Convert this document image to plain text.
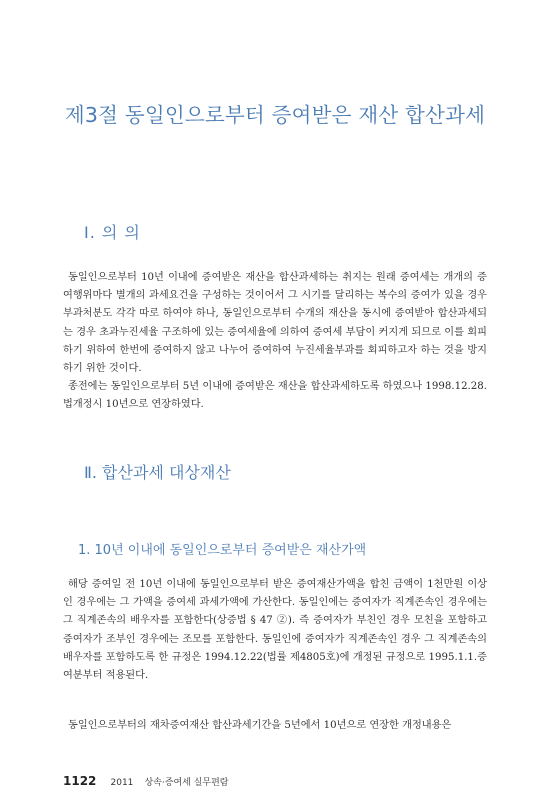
제3절 동일인으로부터 증여받은 재산 합산과세
Ⅰ. 의 의

동일인으로부터 10년 이내에 증여받은 재산을 합산과세하는 취지는 원래 증여세는 개개의 증여행위마다 별개의 과세요건을 구성하는 것이어서 그 시기를 달리하는 복수의 증여가 있을 경우 부과처분도 각각 따로 하여야 하나, 동일인으로부터 수개의 재산을 동시에 증여받아 합산과세되는 경우 초과누진세율 구조하에 있는 증여세율에 의하여 증여세 부담이 커지게 되므로 이를 회피하기 위하여 한번에 증여하지 않고 나누어 증여하여 누진세율부과를 회피하고자 하는 것을 방지하기 위한 것이다.

종전에는 동일인으로부터 5년 이내에 증여받은 재산을 합산과세하도록 하였으나 1998.12.28. 법개정시 10년으로 연장하였다.

Ⅱ. 합산과세 대상재산
1. 10년 이내에 동일인으로부터 증여받은 재산가액

해당 증여일 전 10년 이내에 동일인으로부터 받은 증여재산가액을 합친 금액이 1천만원 이상인 경우에는 그 가액을 증여세 과세가액에 가산한다. 동일인에는 증여자가 직계존속인 경우에는 그 직계존속의 배우자를 포함한다(상증법 § 47 ②). 즉 증여자가 부친인 경우 모친을 포함하고 증여자가 조부인 경우에는 조모를 포함한다. 동일인에 증여자가 직계존속인 경우 그 직계존속의 배우자를 포함하도록 한 규정은 1994.12.22(법률 제4805호)에 개정된 규정으로 1995.1.1.증여분부터 적용된다.

동일인으로부터의 재차증여재산 합산과세기간을 5년에서 10년으로 연장한 개정내용은

1122 2011 상속·증여세 실무편람
